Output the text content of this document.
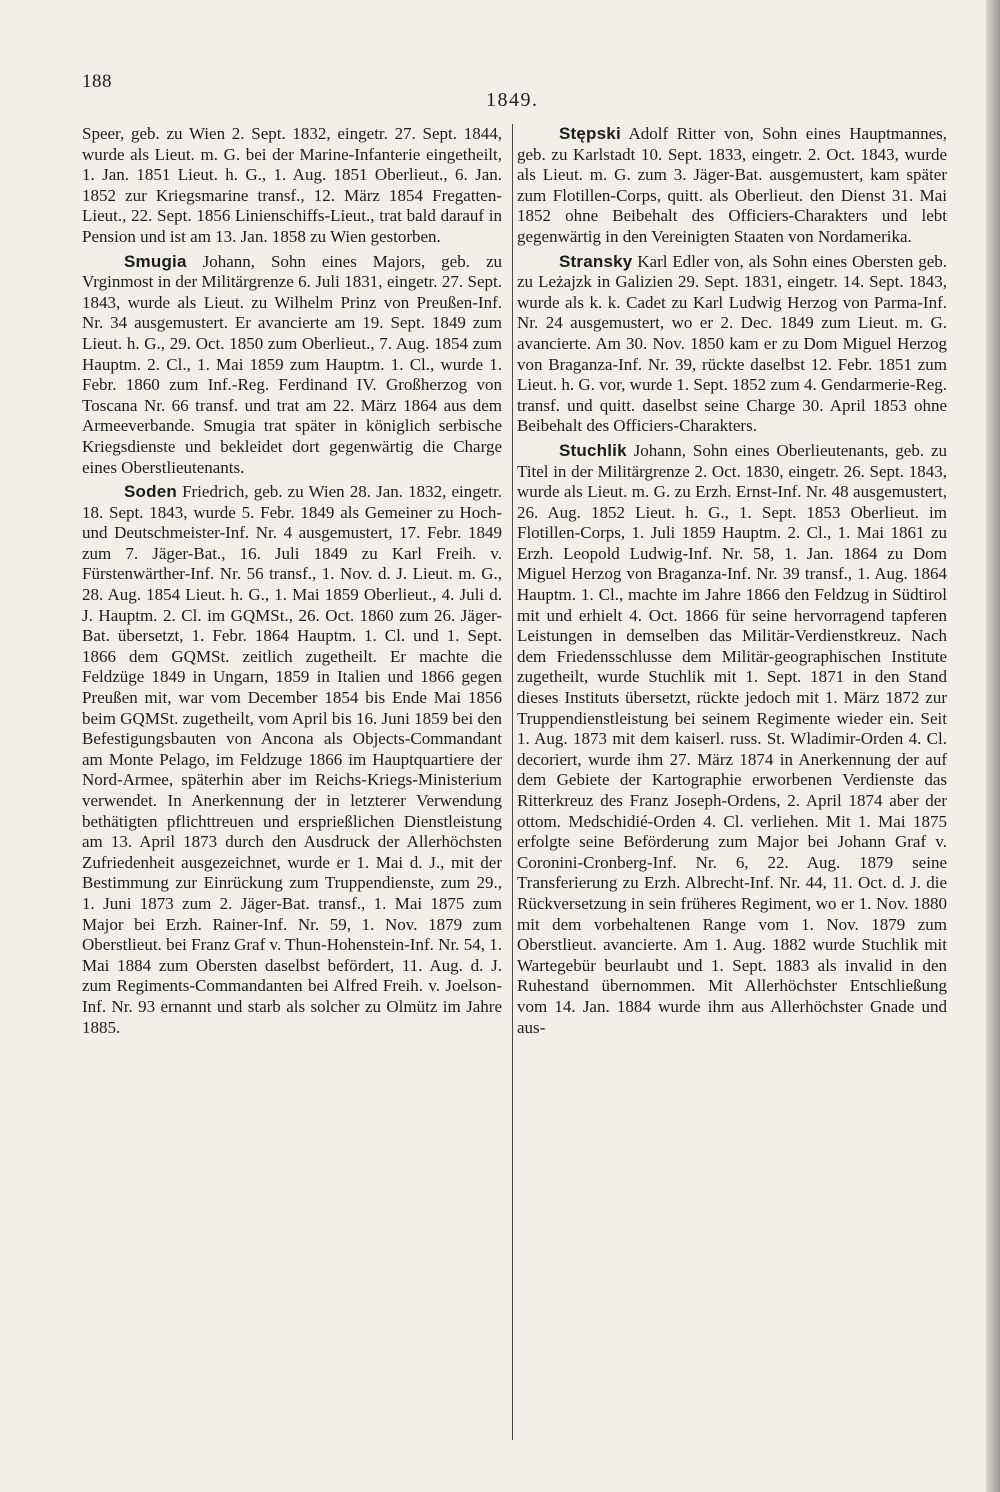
188
1849.

Speer, geb. zu Wien 2. Sept. 1832, eingetr. 27. Sept. 1844, wurde als Lieut. m. G. bei der Marine-Infanterie eingetheilt, 1. Jan. 1851 Lieut. h. G., 1. Aug. 1851 Oberlieut., 6. Jan. 1852 zur Kriegsmarine transf., 12. März 1854 Fregatten-Lieut., 22. Sept. 1856 Linienschiffs-Lieut., trat bald darauf in Pension und ist am 13. Jan. 1858 zu Wien gestorben.

Smugia Johann, Sohn eines Majors, geb. zu Vrginmost in der Militärgrenze 6. Juli 1831, eingetr. 27. Sept. 1843, wurde als Lieut. zu Wilhelm Prinz von Preußen-Inf. Nr. 34 ausgemustert. Er avancierte am 19. Sept. 1849 zum Lieut. h. G., 29. Oct. 1850 zum Oberlieut., 7. Aug. 1854 zum Hauptm. 2. Cl., 1. Mai 1859 zum Hauptm. 1. Cl., wurde 1. Febr. 1860 zum Inf.-Reg. Ferdinand IV. Großherzog von Toscana Nr. 66 transf. und trat am 22. März 1864 aus dem Armeeverbande. Smugia trat später in königlich serbische Kriegsdienste und bekleidet dort gegenwärtig die Charge eines Oberstlieutenants.

Soden Friedrich, geb. zu Wien 28. Jan. 1832, eingetr. 18. Sept. 1843, wurde 5. Febr. 1849 als Gemeiner zu Hoch- und Deutschmeister-Inf. Nr. 4 ausgemustert, 17. Febr. 1849 zum 7. Jäger-Bat., 16. Juli 1849 zu Karl Freih. v. Fürstenwärther-Inf. Nr. 56 transf., 1. Nov. d. J. Lieut. m. G., 28. Aug. 1854 Lieut. h. G., 1. Mai 1859 Oberlieut., 4. Juli d. J. Hauptm. 2. Cl. im GQMSt., 26. Oct. 1860 zum 26. Jäger-Bat. übersetzt, 1. Febr. 1864 Hauptm. 1. Cl. und 1. Sept. 1866 dem GQMSt. zeitlich zugetheilt. Er machte die Feldzüge 1849 in Ungarn, 1859 in Italien und 1866 gegen Preußen mit, war vom December 1854 bis Ende Mai 1856 beim GQMSt. zugetheilt, vom April bis 16. Juni 1859 bei den Befestigungsbauten von Ancona als Objects-Commandant am Monte Pelago, im Feldzuge 1866 im Hauptquartiere der Nord-Armee, späterhin aber im Reichs-Kriegs-Ministerium verwendet. In Anerkennung der in letzterer Verwendung bethätigten pflichttreuen und ersprießlichen Dienstleistung am 13. April 1873 durch den Ausdruck der Allerhöchsten Zufriedenheit ausgezeichnet, wurde er 1. Mai d. J., mit der Bestimmung zur Einrückung zum Truppendienste, zum 29., 1. Juni 1873 zum 2. Jäger-Bat. transf., 1. Mai 1875 zum Major bei Erzh. Rainer-Inf. Nr. 59, 1. Nov. 1879 zum Oberstlieut. bei Franz Graf v. Thun-Hohenstein-Inf. Nr. 54, 1. Mai 1884 zum Obersten daselbst befördert, 11. Aug. d. J. zum Regiments-Commandanten bei Alfred Freih. v. Joelson-Inf. Nr. 93 ernannt und starb als solcher zu Olmütz im Jahre 1885.

Stępski Adolf Ritter von, Sohn eines Hauptmannes, geb. zu Karlstadt 10. Sept. 1833, eingetr. 2. Oct. 1843, wurde als Lieut. m. G. zum 3. Jäger-Bat. ausgemustert, kam später zum Flotillen-Corps, quitt. als Oberlieut. den Dienst 31. Mai 1852 ohne Beibehalt des Officiers-Charakters und lebt gegenwärtig in den Vereinigten Staaten von Nordamerika.

Stransky Karl Edler von, als Sohn eines Obersten geb. zu Leżajzk in Galizien 29. Sept. 1831, eingetr. 14. Sept. 1843, wurde als k. k. Cadet zu Karl Ludwig Herzog von Parma-Inf. Nr. 24 ausgemustert, wo er 2. Dec. 1849 zum Lieut. m. G. avancierte. Am 30. Nov. 1850 kam er zu Dom Miguel Herzog von Braganza-Inf. Nr. 39, rückte daselbst 12. Febr. 1851 zum Lieut. h. G. vor, wurde 1. Sept. 1852 zum 4. Gendarmerie-Reg. transf. und quitt. daselbst seine Charge 30. April 1853 ohne Beibehalt des Officiers-Charakters.

Stuchlik Johann, Sohn eines Oberlieutenants, geb. zu Titel in der Militärgrenze 2. Oct. 1830, eingetr. 26. Sept. 1843, wurde als Lieut. m. G. zu Erzh. Ernst-Inf. Nr. 48 ausgemustert, 26. Aug. 1852 Lieut. h. G., 1. Sept. 1853 Oberlieut. im Flotillen-Corps, 1. Juli 1859 Hauptm. 2. Cl., 1. Mai 1861 zu Erzh. Leopold Ludwig-Inf. Nr. 58, 1. Jan. 1864 zu Dom Miguel Herzog von Braganza-Inf. Nr. 39 transf., 1. Aug. 1864 Hauptm. 1. Cl., machte im Jahre 1866 den Feldzug in Südtirol mit und erhielt 4. Oct. 1866 für seine hervorragend tapferen Leistungen in demselben das Militär-Verdienstkreuz. Nach dem Friedensschlusse dem Militär-geographischen Institute zugetheilt, wurde Stuchlik mit 1. Sept. 1871 in den Stand dieses Instituts übersetzt, rückte jedoch mit 1. März 1872 zur Truppendienstleistung bei seinem Regimente wieder ein. Seit 1. Aug. 1873 mit dem kaiserl. russ. St. Wladimir-Orden 4. Cl. decoriert, wurde ihm 27. März 1874 in Anerkennung der auf dem Gebiete der Kartographie erworbenen Verdienste das Ritterkreuz des Franz Joseph-Ordens, 2. April 1874 aber der ottom. Medschidié-Orden 4. Cl. verliehen. Mit 1. Mai 1875 erfolgte seine Beförderung zum Major bei Johann Graf v. Coronini-Cronberg-Inf. Nr. 6, 22. Aug. 1879 seine Transferierung zu Erzh. Albrecht-Inf. Nr. 44, 11. Oct. d. J. die Rückversetzung in sein früheres Regiment, wo er 1. Nov. 1880 mit dem vorbehaltenen Range vom 1. Nov. 1879 zum Oberstlieut. avancierte. Am 1. Aug. 1882 wurde Stuchlik mit Wartegebür beurlaubt und 1. Sept. 1883 als invalid in den Ruhestand übernommen. Mit Allerhöchster Entschließung vom 14. Jan. 1884 wurde ihm aus Allerhöchster Gnade und aus-
